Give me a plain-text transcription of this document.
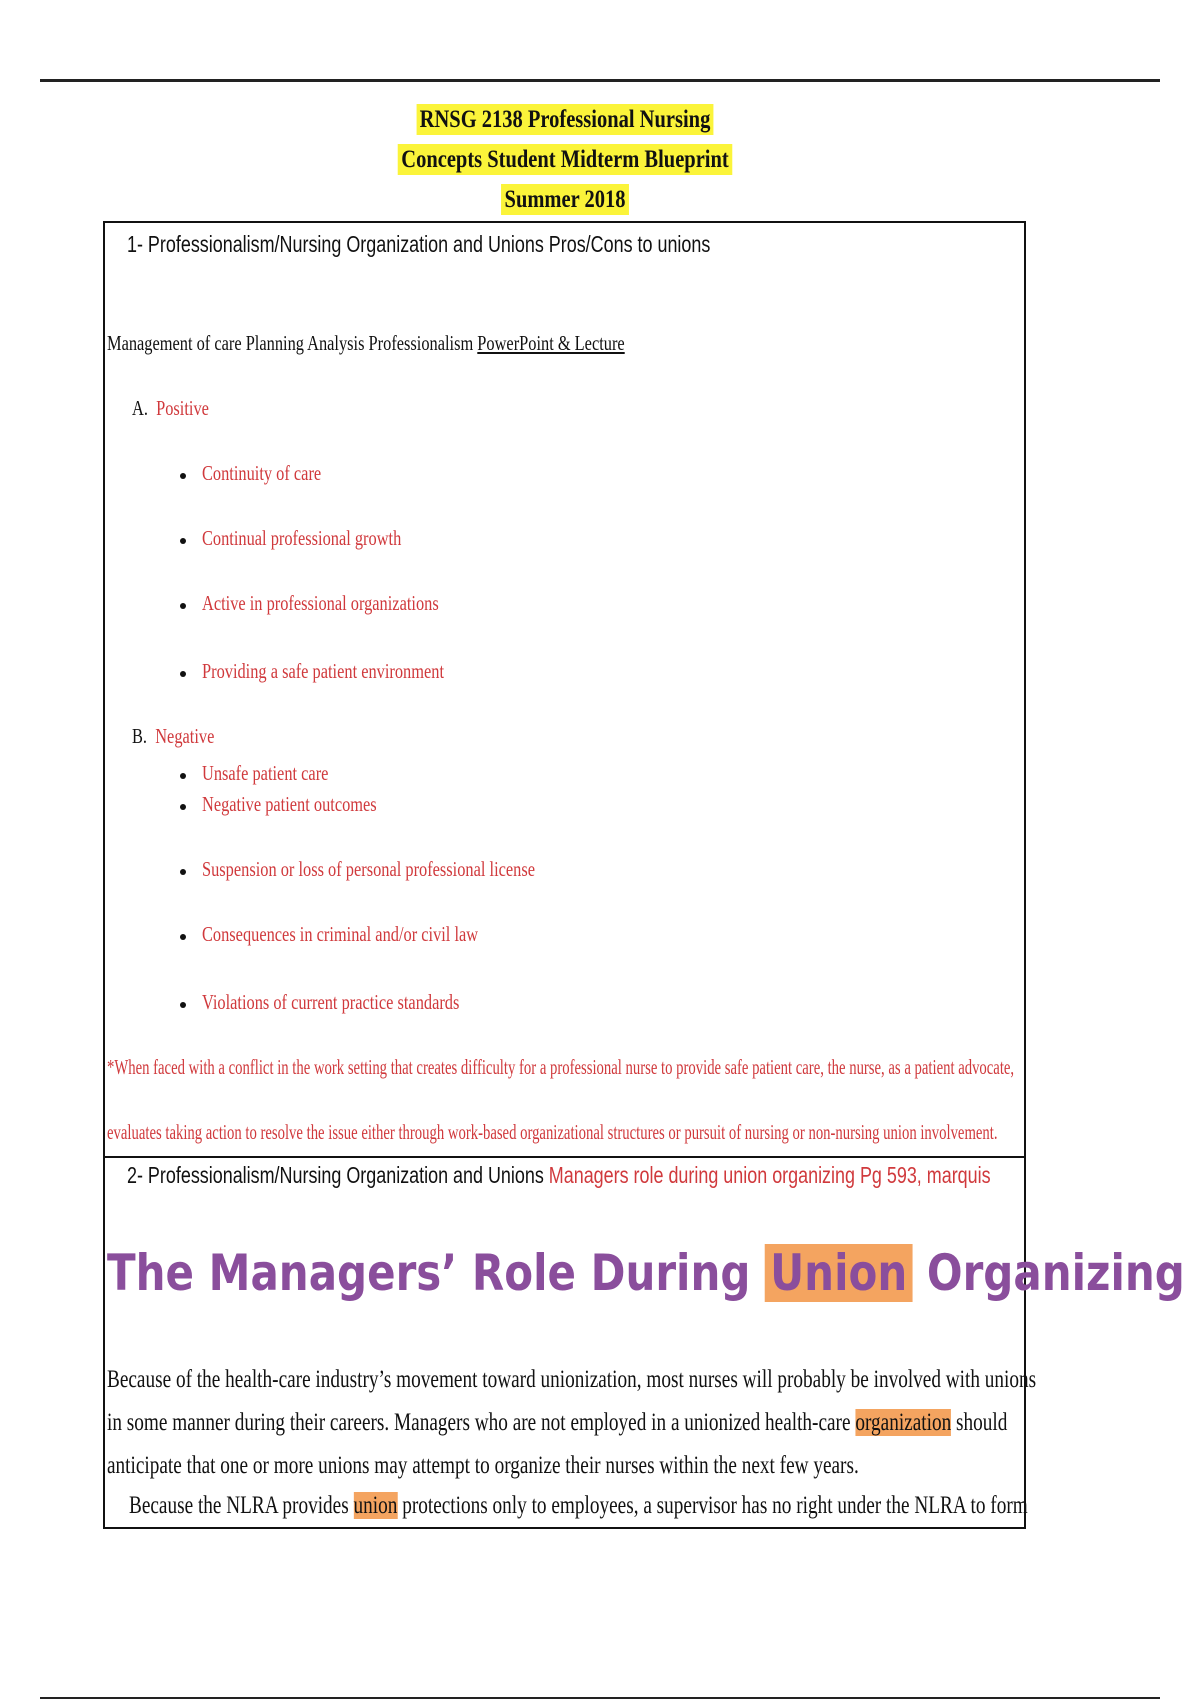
RNSG 2138 Professional Nursing
Concepts Student Midterm Blueprint
Summer 2018
1- Professionalism/Nursing Organization and Unions Pros/Cons to unions
Management of care Planning Analysis Professionalism PowerPoint & Lecture
A. Positive
Continuity of care
Continual professional growth
Active in professional organizations
Providing a safe patient environment
B. Negative
Unsafe patient care
Negative patient outcomes
Suspension or loss of personal professional license
Consequences in criminal and/or civil law
Violations of current practice standards
*When faced with a conflict in the work setting that creates difficulty for a professional nurse to provide safe patient care, the nurse, as a patient advocate,
evaluates taking action to resolve the issue either through work-based organizational structures or pursuit of nursing or non-nursing union involvement.
2- Professionalism/Nursing Organization and Unions Managers role during union organizing Pg 593, marquis
The Managers’ Role During Union Organizing
Because of the health-care industry’s movement toward unionization, most nurses will probably be involved with unions
in some manner during their careers. Managers who are not employed in a unionized health-care organization should
anticipate that one or more unions may attempt to organize their nurses within the next few years.
Because the NLRA provides union protections only to employees, a supervisor has no right under the NLRA to form
